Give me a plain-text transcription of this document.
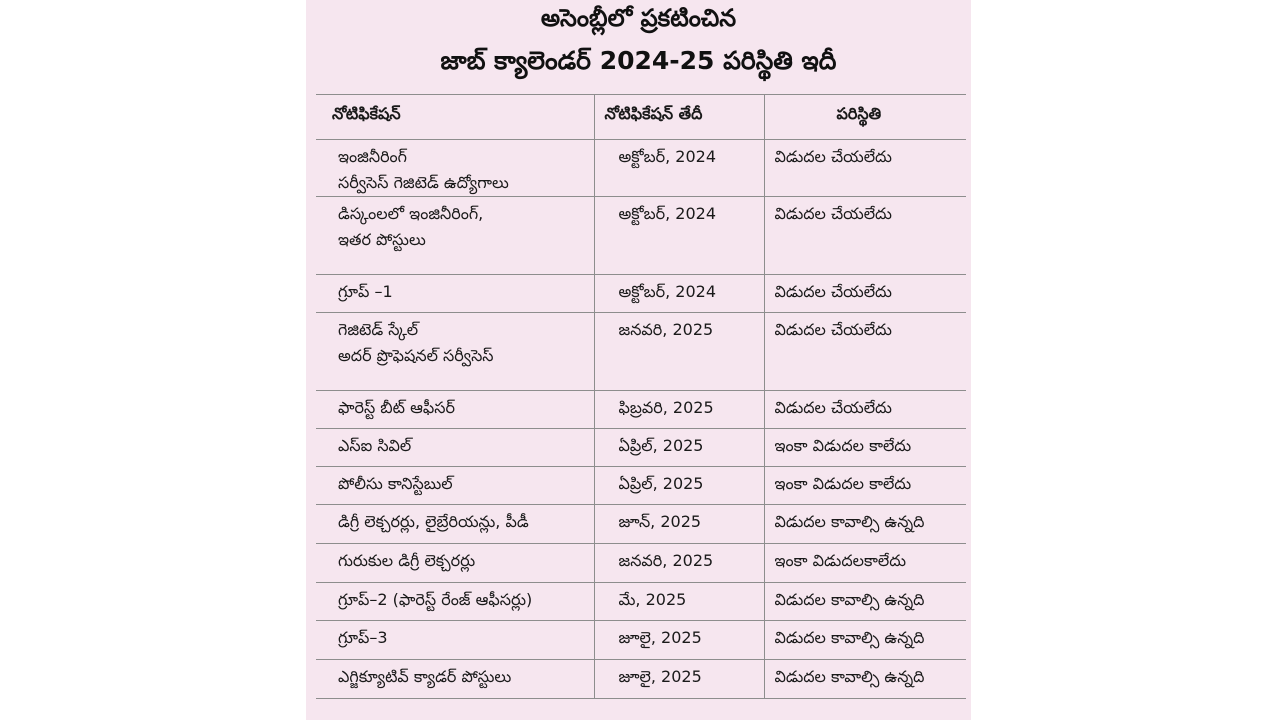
అసెంబ్లీలో ప్రకటించిన
జాబ్ క్యాలెండర్ 2024-25 పరిస్థితి ఇదీ
నోటిఫికేషన్	నోటిఫికేషన్ తేదీ	పరిస్థితి

ఇంజినీరింగ్
సర్వీసెస్ గెజిటెడ్ ఉద్యోగాలు	అక్టోబర్, 2024	విడుదల చేయలేదు

డిస్కంలలో ఇంజినీరింగ్,
ఇతర పోస్టులు	అక్టోబర్, 2024	విడుదల చేయలేదు

గ్రూప్ –1	అక్టోబర్, 2024	విడుదల చేయలేదు

గెజిటెడ్ స్కేల్
అదర్ ప్రొఫెషనల్ సర్వీసెస్	జనవరి, 2025	విడుదల చేయలేదు

ఫారెస్ట్ బీట్ ఆఫీసర్	ఫిబ్రవరి, 2025	విడుదల చేయలేదు

ఎస్ఐ సివిల్	ఏప్రిల్, 2025	ఇంకా విడుదల కాలేదు

పోలీసు కానిస్టేబుల్	ఏప్రిల్, 2025	ఇంకా విడుదల కాలేదు

డిగ్రీ లెక్చరర్లు, లైబ్రేరియన్లు, పీడీ	జూన్, 2025	విడుదల కావాల్సి ఉన్నది

గురుకుల డిగ్రీ లెక్చరర్లు	జనవరి, 2025	ఇంకా విడుదలకాలేదు

గ్రూప్–2 (ఫారెస్ట్ రేంజ్ ఆఫీసర్లు)	మే, 2025	విడుదల కావాల్సి ఉన్నది

గ్రూప్–3	జూలై, 2025	విడుదల కావాల్సి ఉన్నది

ఎగ్జిక్యూటివ్ క్యాడర్ పోస్టులు	జూలై, 2025	విడుదల కావాల్సి ఉన్నది
